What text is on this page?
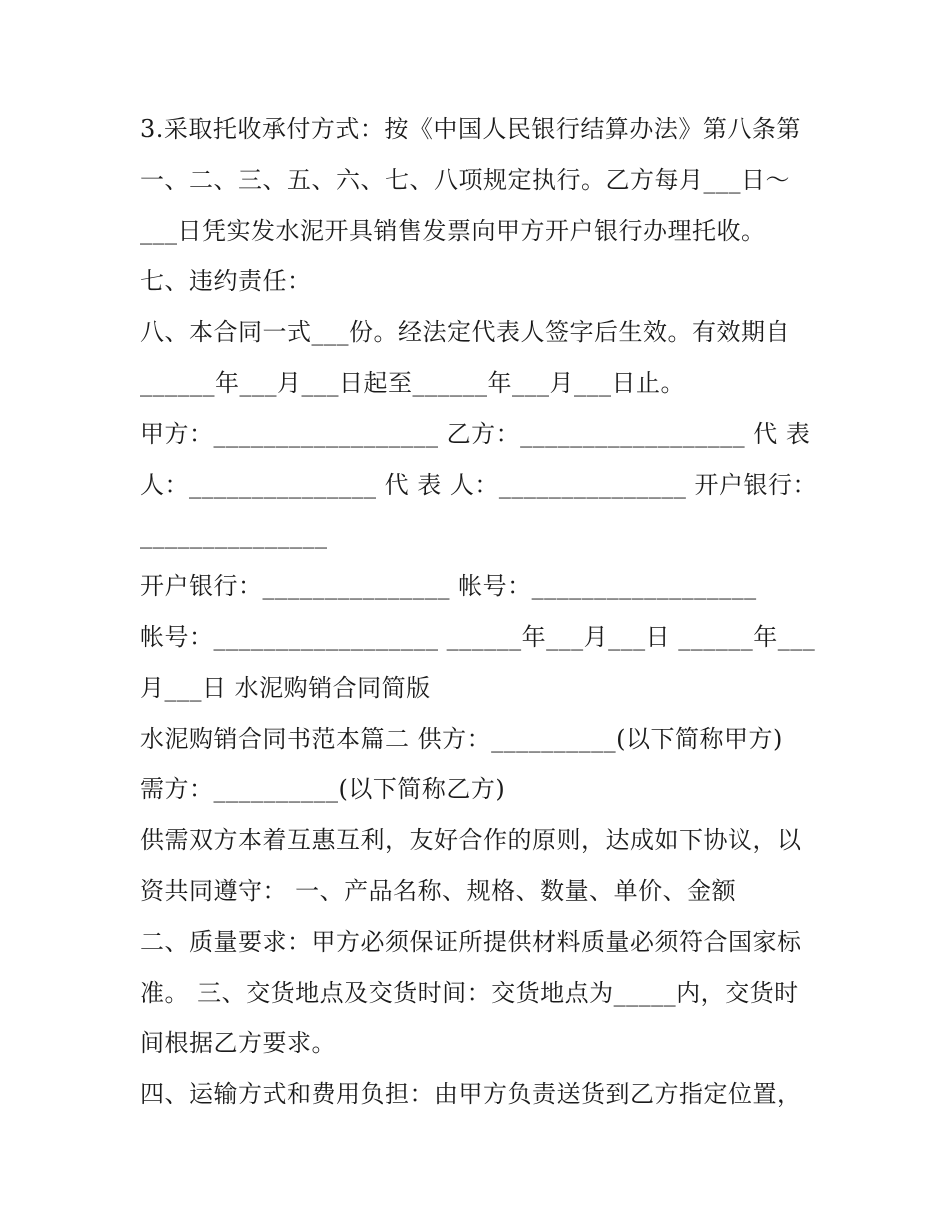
3.采取托收承付方式：按《中国人民银行结算办法》第八条第
一、二、三、五、六、七、八项规定执行。乙方每月___日～
___日凭实发水泥开具销售发票向甲方开户银行办理托收。
七、违约责任：
八、本合同一式___份。经法定代表人签字后生效。有效期自
______年___月___日起至______年___月___日止。
甲方：__________________ 乙方：__________________ 代 表
人：_______________ 代 表 人：_______________ 开户银行：
_______________
开户银行：_______________ 帐号：__________________
帐号：__________________ ______年___月___日 ______年___
月___日 水泥购销合同简版
水泥购销合同书范本篇二 供方：__________(以下简称甲方)
需方：__________(以下简称乙方)
供需双方本着互惠互利，友好合作的原则，达成如下协议，以
资共同遵守： 一、产品名称、规格、数量、单价、金额
二、质量要求：甲方必须保证所提供材料质量必须符合国家标
准。 三、交货地点及交货时间：交货地点为_____内，交货时
间根据乙方要求。
四、运输方式和费用负担：由甲方负责送货到乙方指定位置，
